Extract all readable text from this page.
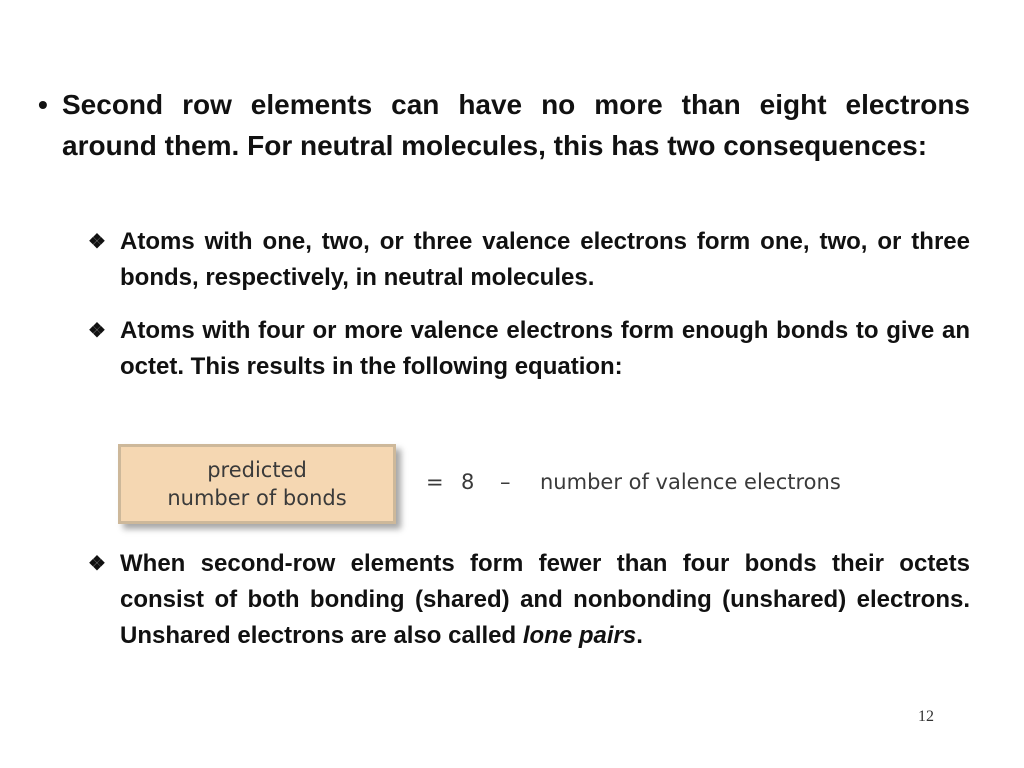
• Second row elements can have no more than eight electrons around them. For neutral molecules, this has two consequences:
❖ Atoms with one, two, or three valence electrons form one, two, or three bonds, respectively, in neutral molecules.
❖ Atoms with four or more valence electrons form enough bonds to give an octet. This results in the following equation:
predicted
number of bonds
= 8 – number of valence electrons
❖ When second-row elements form fewer than four bonds their octets consist of both bonding (shared) and nonbonding (unshared) electrons. Unshared electrons are also called lone pairs.
12
